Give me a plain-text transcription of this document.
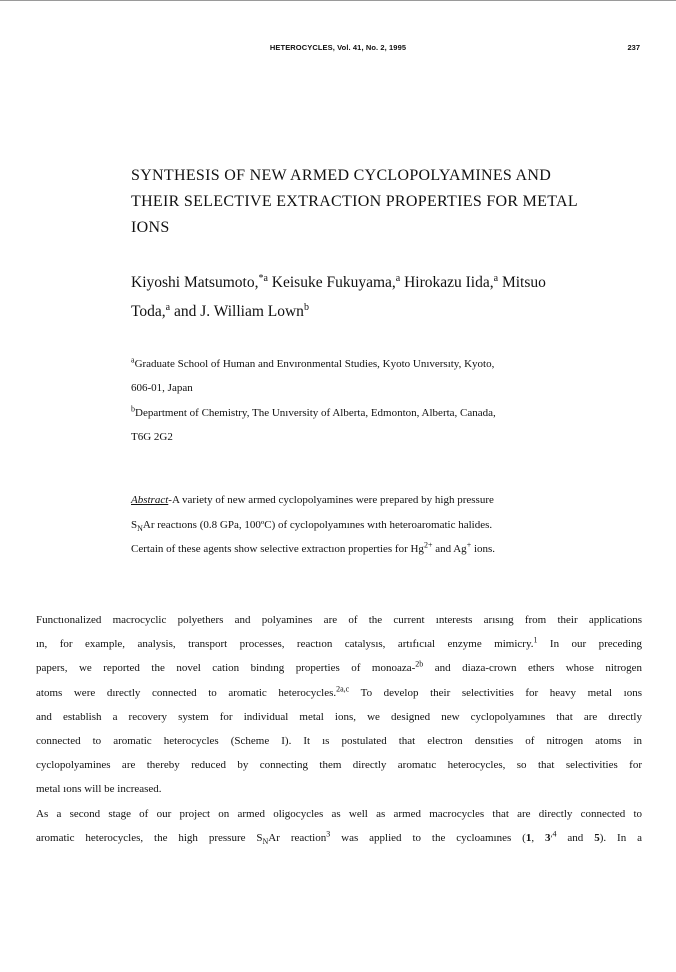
HETEROCYCLES, Vol. 41, No. 2, 1995	237
SYNTHESIS OF NEW ARMED CYCLOPOLYAMINES AND
THEIR SELECTIVE EXTRACTION PROPERTIES FOR METAL
IONS
Kiyoshi Matsumoto,$^{*a}$ Keisuke Fukuyama,$^a$ Hirokazu Iida,$^a$ Mitsuo
Toda,$^a$ and J. William Lown$^b$
$^a$Graduate School of Human and Envıronmental Studies, Kyoto Unıversıty, Kyoto,
606-01, Japan
$^b$Department of Chemistry, The Unıversity of Alberta, Edmonton, Alberta, Canada,
T6G 2G2
Abstract-A variety of new armed cyclopolyamines were prepared by high pressure
$S_NAr$ reactıons (0.8 GPa, 100ºC) of cyclopolyamınes wıth heteroaromatic halides.
Certain of these agents show selective extractıon properties for $Hg^{2+}$ and Ag+ ions.
Functıonalized macrocyclic polyethers and polyamines are of the current ınterests arısıng from their applications
ın, for example, analysis, transport processes, reactıon catalysıs, artıfıcıal enzyme mimicry.$^1$ In our preceding
papers, we reported the novel cation bindıng properties of monoaza-$^{2b}$ and diaza-crown ethers whose nitrogen
atoms were dırectly connected to aromatic heterocycles.$^{2a,c}$ To develop their selectivities for heavy metal ıons
and establish a recovery system for individual metal ions, we designed new cyclopolyamınes that are dırectly
connected to aromatic heterocycles (Scheme I). It ıs postulated that electron densıties of nitrogen atoms in
cyclopolyamines are thereby reduced by connecting them directly aromatıc heterocycles, so that selectivities for
metal ıons will be increased.
As a second stage of our project on armed oligocycles as well as armed macrocycles that are directly connected to
aromatic heterocycles, the high pressure $S_NAr$ reaction$^3$ was applied to the cycloamınes (1, $3^{,4}$ and 5). In a
